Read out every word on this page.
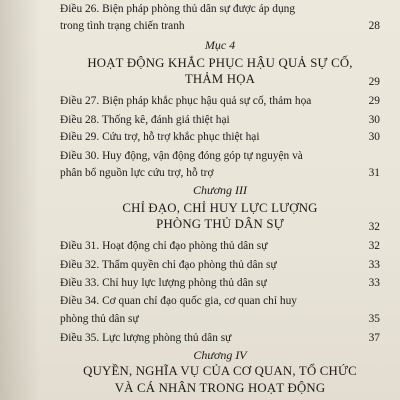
Điều 26. Biện pháp phòng thủ dân sự được áp dụng
trong tình trạng chiến tranh	28
Mục 4
HOẠT ĐỘNG KHẮC PHỤC HẬU QUẢ SỰ CỐ,
THẢM HỌA	29
Điều 27. Biện pháp khắc phục hậu quả sự cố, thảm họa	29
Điều 28. Thống kê, đánh giá thiệt hại	30
Điều 29. Cứu trợ, hỗ trợ khắc phục thiệt hại	30
Điều 30. Huy động, vận động đóng góp tự nguyện và
phân bổ nguồn lực cứu trợ, hỗ trợ	31
Chương III
CHỈ ĐẠO, CHỈ HUY LỰC LƯỢNG
PHÒNG THỦ DÂN SỰ	32
Điều 31. Hoạt động chỉ đạo phòng thủ dân sự	32
Điều 32. Thẩm quyền chỉ đạo phòng thủ dân sự	33
Điều 33. Chỉ huy lực lượng phòng thủ dân sự	33
Điều 34. Cơ quan chỉ đạo quốc gia, cơ quan chỉ huy
phòng thủ dân sự	35
Điều 35. Lực lượng phòng thủ dân sự	37
Chương IV
QUYỀN, NGHĨA VỤ CỦA CƠ QUAN, TỔ CHỨC
VÀ CÁ NHÂN TRONG HOẠT ĐỘNG
